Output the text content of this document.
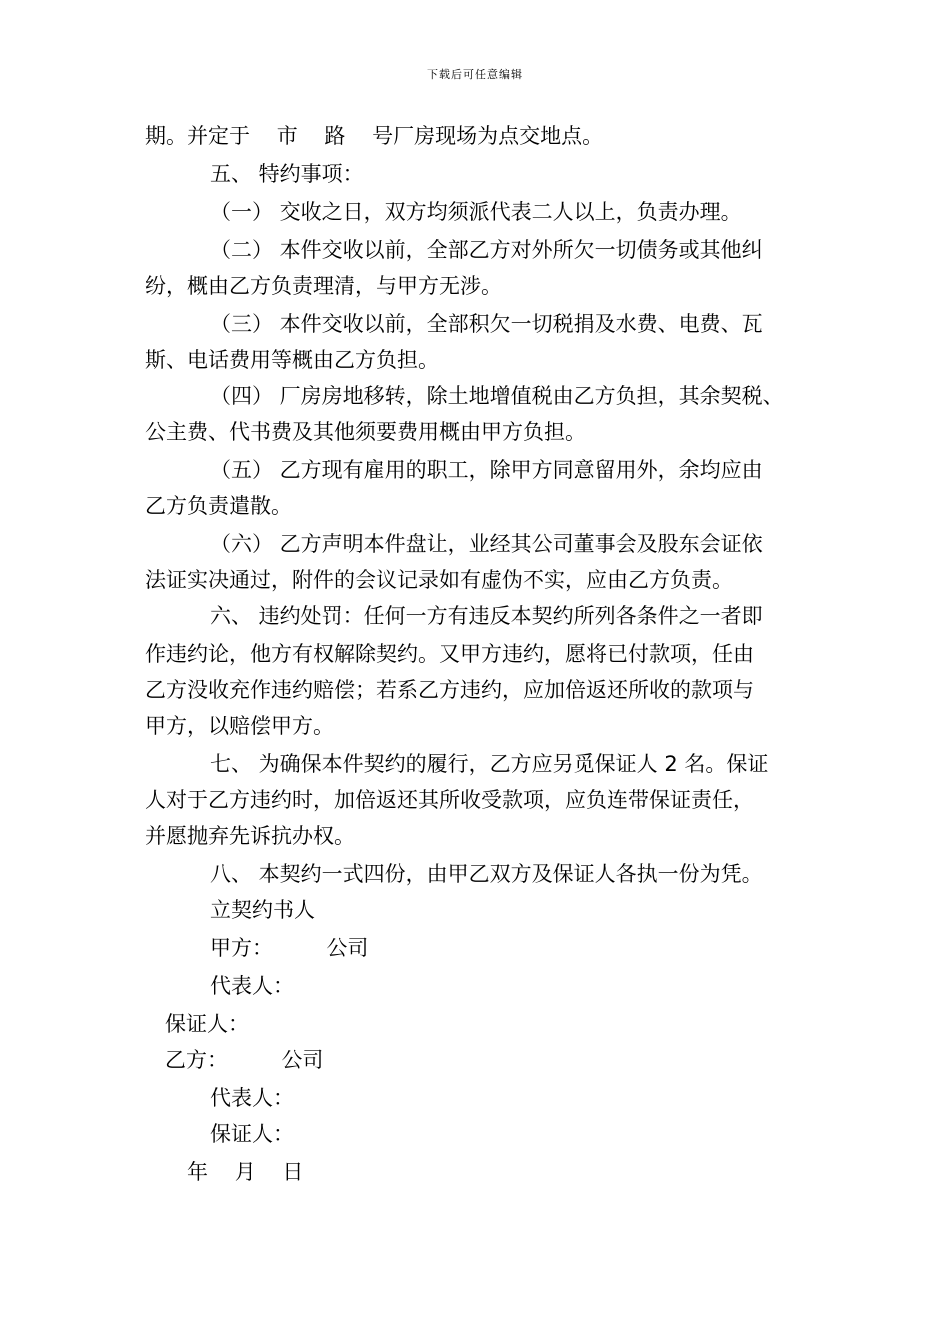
下载后可任意编辑
期。并定于    市    路    号厂房现场为点交地点。
五、 特约事项：
（一） 交收之日，双方均须派代表二人以上，负责办理。
（二） 本件交收以前，全部乙方对外所欠一切债务或其他纠
纷，概由乙方负责理清，与甲方无涉。
（三） 本件交收以前，全部积欠一切税捐及水费、电费、瓦
斯、电话费用等概由乙方负担。
（四） 厂房房地移转，除土地增值税由乙方负担，其余契税、
公主费、代书费及其他须要费用概由甲方负担。
（五） 乙方现有雇用的职工，除甲方同意留用外，余均应由
乙方负责遣散。
（六） 乙方声明本件盘让，业经其公司董事会及股东会证依
法证实决通过，附件的会议记录如有虚伪不实，应由乙方负责。
六、 违约处罚：任何一方有违反本契约所列各条件之一者即
作违约论，他方有权解除契约。又甲方违约，愿将已付款项，任由
乙方没收充作违约赔偿；若系乙方违约，应加倍返还所收的款项与
甲方，以赔偿甲方。
七、 为确保本件契约的履行，乙方应另觅保证人 2 名。保证
人对于乙方违约时，加倍返还其所收受款项，应负连带保证责任，
并愿抛弃先诉抗办权。
八、 本契约一式四份，由甲乙双方及保证人各执一份为凭。
立契约书人
甲方：        公司
代表人：
保证人：
乙方：        公司
代表人：
保证人：
年    月    日
